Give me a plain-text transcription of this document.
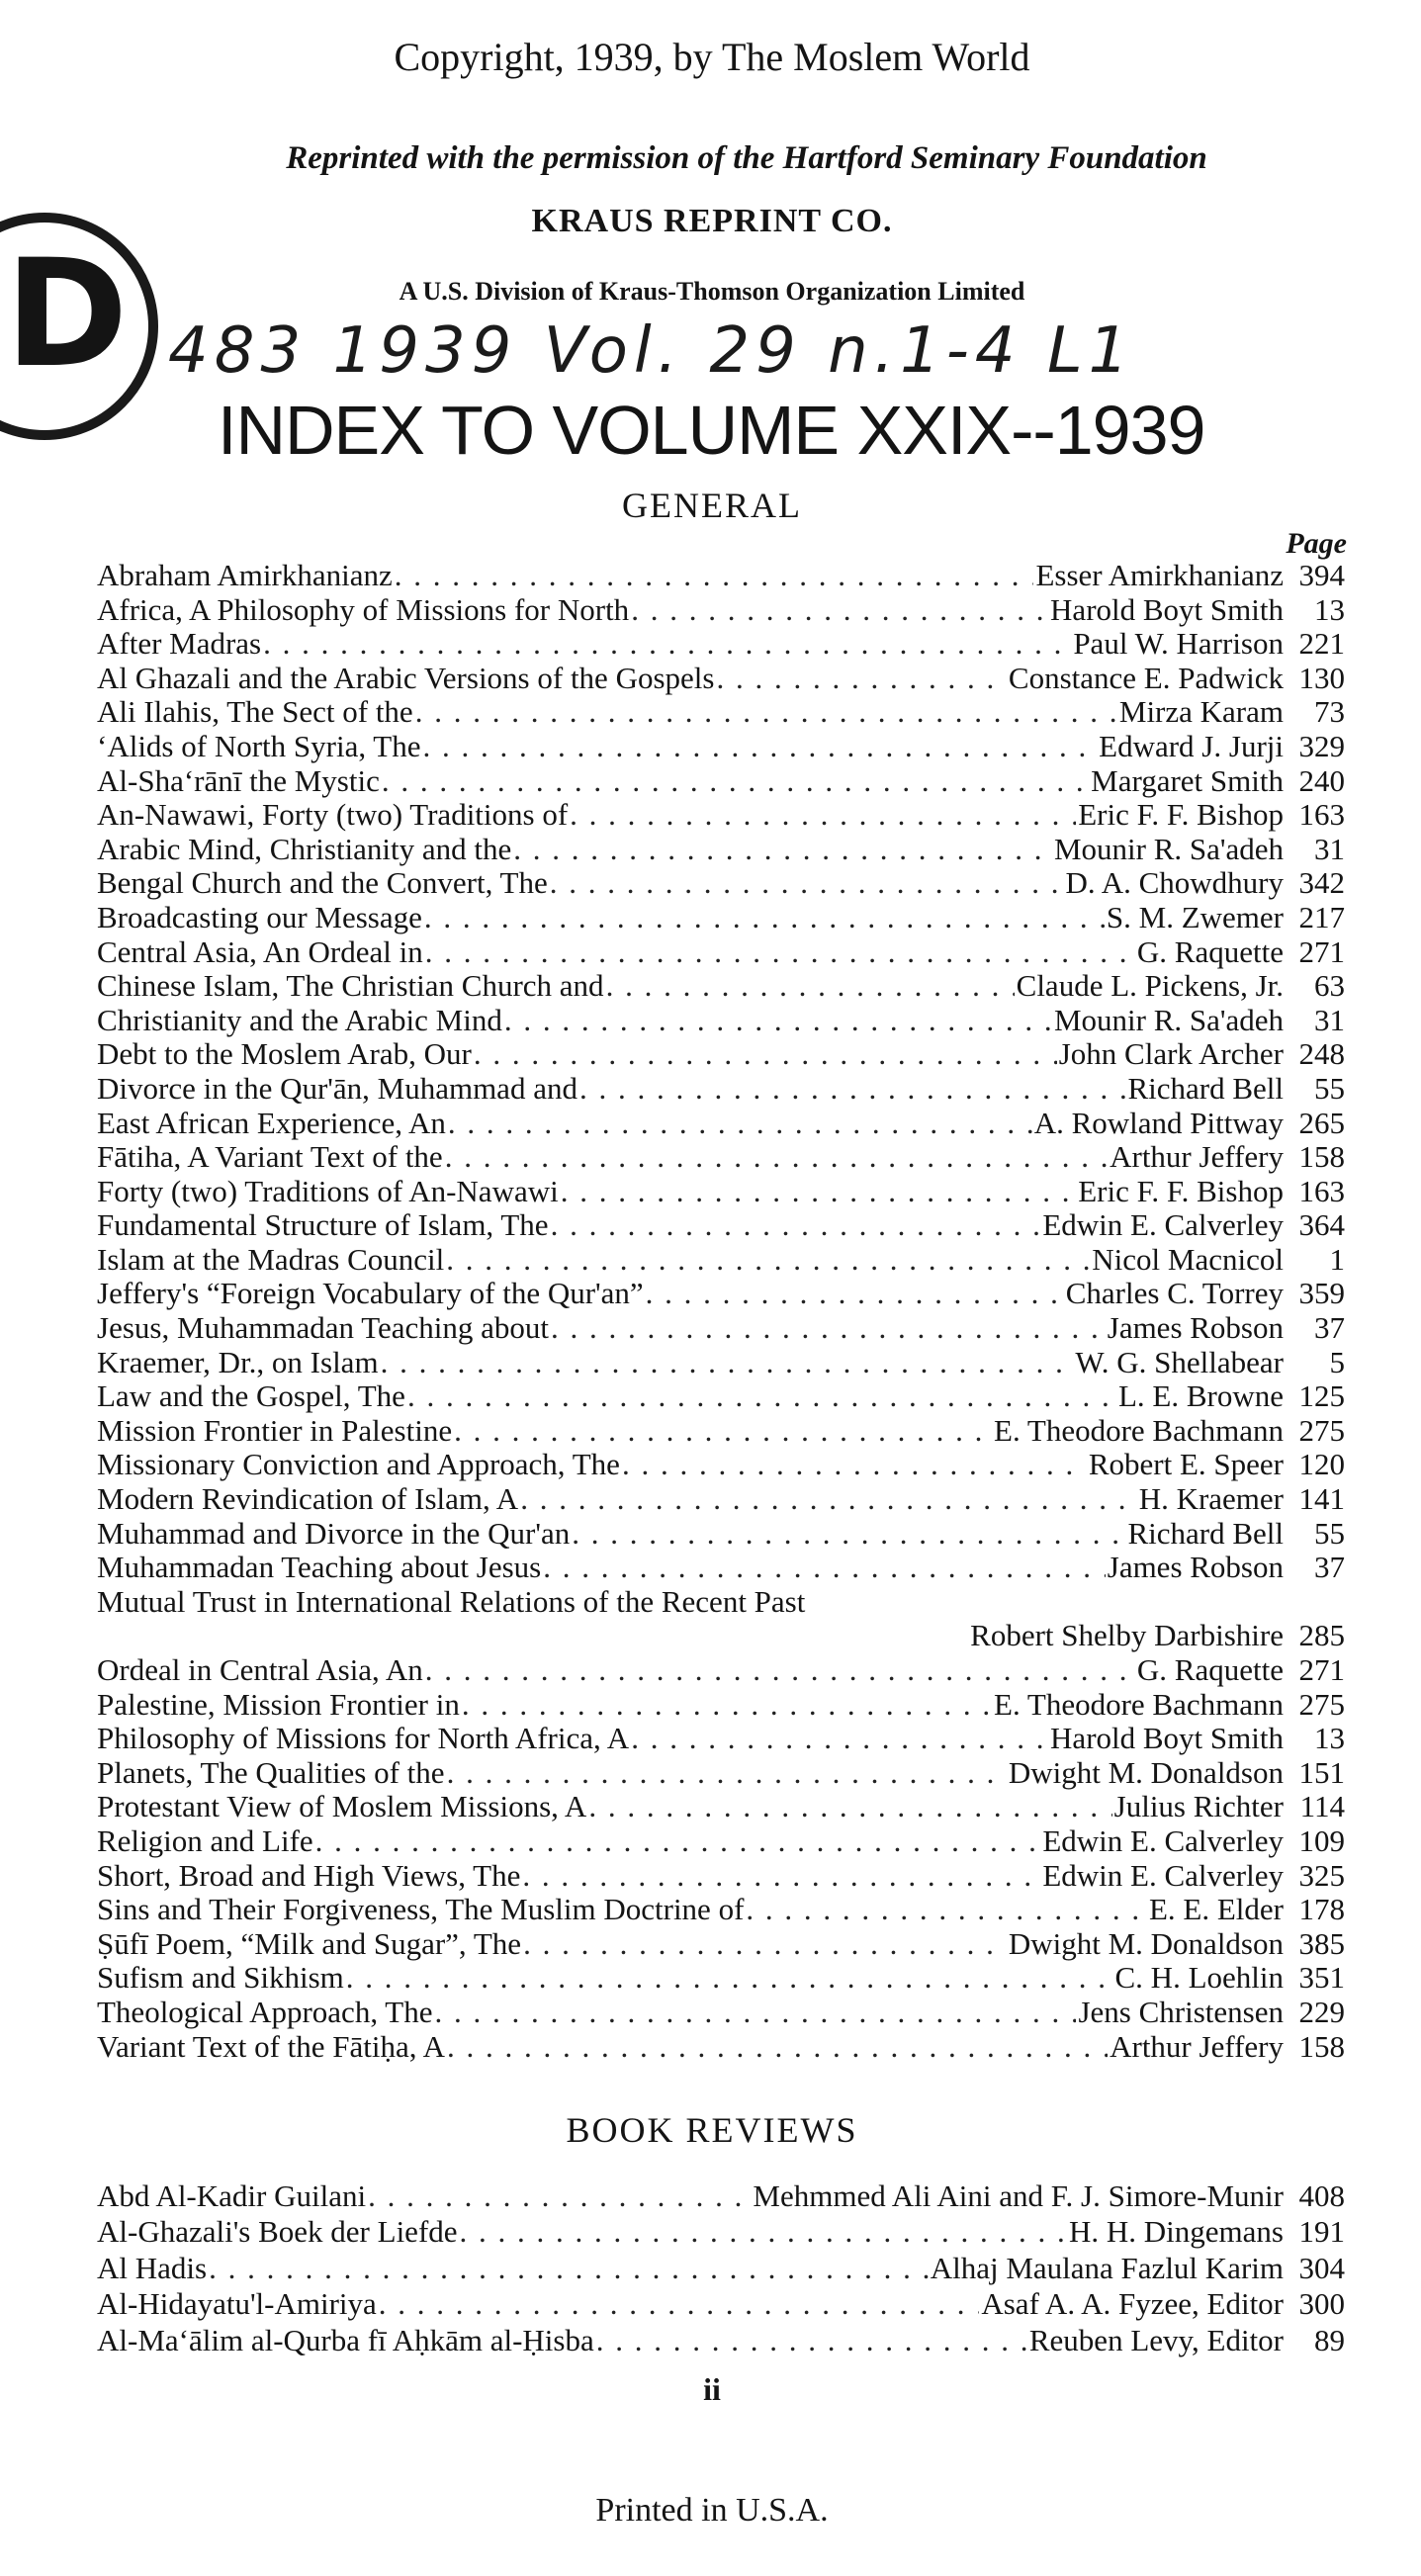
Copyright, 1939, by The Moslem World
Reprinted with the permission of the Hartford Seminary Foundation
KRAUS REPRINT CO.
A U.S. Division of Kraus-Thomson Organization Limited
D 483 1939 Vol. 29 n.1-4 L1
INDEX TO VOLUME XXIX--1939
GENERAL
Page
Abraham Amirkhanianz . . .	Esser Amirkhanianz 394
Africa, A Philosophy of Missions for North . . .	Harold Boyt Smith	13
After Madras . . .	Paul W. Harrison 221
Al Ghazali and the Arabic Versions of the Gospels . . .	Constance E. Padwick 130
Ali Ilahis, The Sect of the . . .	Mirza Karam	73
‘Alids of North Syria, The . . .	Edward J. Jurji 329
Al-Sha‘rānī the Mystic . . .	Margaret Smith 240
An-Nawawi, Forty (two) Traditions of . . .	Eric F. F. Bishop 163
Arabic Mind, Christianity and the . . .	Mounir R. Sa'adeh	31
Bengal Church and the Convert, The . . .	D. A. Chowdhury 342
Broadcasting our Message . . .	S. M. Zwemer 217
Central Asia, An Ordeal in . . .	G. Raquette 271
Chinese Islam, The Christian Church and . . .	Claude L. Pickens, Jr.	63
Christianity and the Arabic Mind . . .	Mounir R. Sa'adeh	31
Debt to the Moslem Arab, Our . . .	John Clark Archer 248
Divorce in the Qur'ān, Muhammad and . . .	Richard Bell	55
East African Experience, An . . .	A. Rowland Pittway 265
Fātiha, A Variant Text of the . . .	Arthur Jeffery 158
Forty (two) Traditions of An-Nawawi . . .	Eric F. F. Bishop 163
Fundamental Structure of Islam, The . . .	Edwin E. Calverley 364
Islam at the Madras Council . . .	Nicol Macnicol	1
Jeffery's “Foreign Vocabulary of the Qur'an” . . .	Charles C. Torrey 359
Jesus, Muhammadan Teaching about . . .	James Robson	37
Kraemer, Dr., on Islam . . .	W. G. Shellabear	5
Law and the Gospel, The . . .	L. E. Browne 125
Mission Frontier in Palestine . . .	E. Theodore Bachmann 275
Missionary Conviction and Approach, The . . .	Robert E. Speer 120
Modern Revindication of Islam, A . . .	H. Kraemer 141
Muhammad and Divorce in the Qur'an . . .	Richard Bell	55
Muhammadan Teaching about Jesus . . .	James Robson	37
Mutual Trust in International Relations of the Recent Past
Robert Shelby Darbishire 285
Ordeal in Central Asia, An . . .	G. Raquette 271
Palestine, Mission Frontier in . . .	E. Theodore Bachmann 275
Philosophy of Missions for North Africa, A . . .	Harold Boyt Smith	13
Planets, The Qualities of the . . .	Dwight M. Donaldson 151
Protestant View of Moslem Missions, A . . .	Julius Richter 114
Religion and Life . . .	Edwin E. Calverley 109
Short, Broad and High Views, The . . .	Edwin E. Calverley 325
Sins and Their Forgiveness, The Muslim Doctrine of . . .	E. E. Elder 178
Ṣūfī Poem, “Milk and Sugar”, The . . .	Dwight M. Donaldson 385
Sufism and Sikhism . . .	C. H. Loehlin 351
Theological Approach, The . . .	Jens Christensen 229
Variant Text of the Fātiḥa, A . . .	Arthur Jeffery 158
BOOK REVIEWS
Abd Al-Kadir Guilani . . .	Mehmmed Ali Aini and F. J. Simore-Munir 408
Al-Ghazali's Boek der Liefde . . .	H. H. Dingemans 191
Al Hadis . . .	Alhaj Maulana Fazlul Karim 304
Al-Hidayatu'l-Amiriya . . .	Asaf A. A. Fyzee, Editor 300
Al-Ma‘ālim al-Qurba fī Aḥkām al-Ḥisba . . .	Reuben Levy, Editor	89
ii
Printed in U.S.A.
